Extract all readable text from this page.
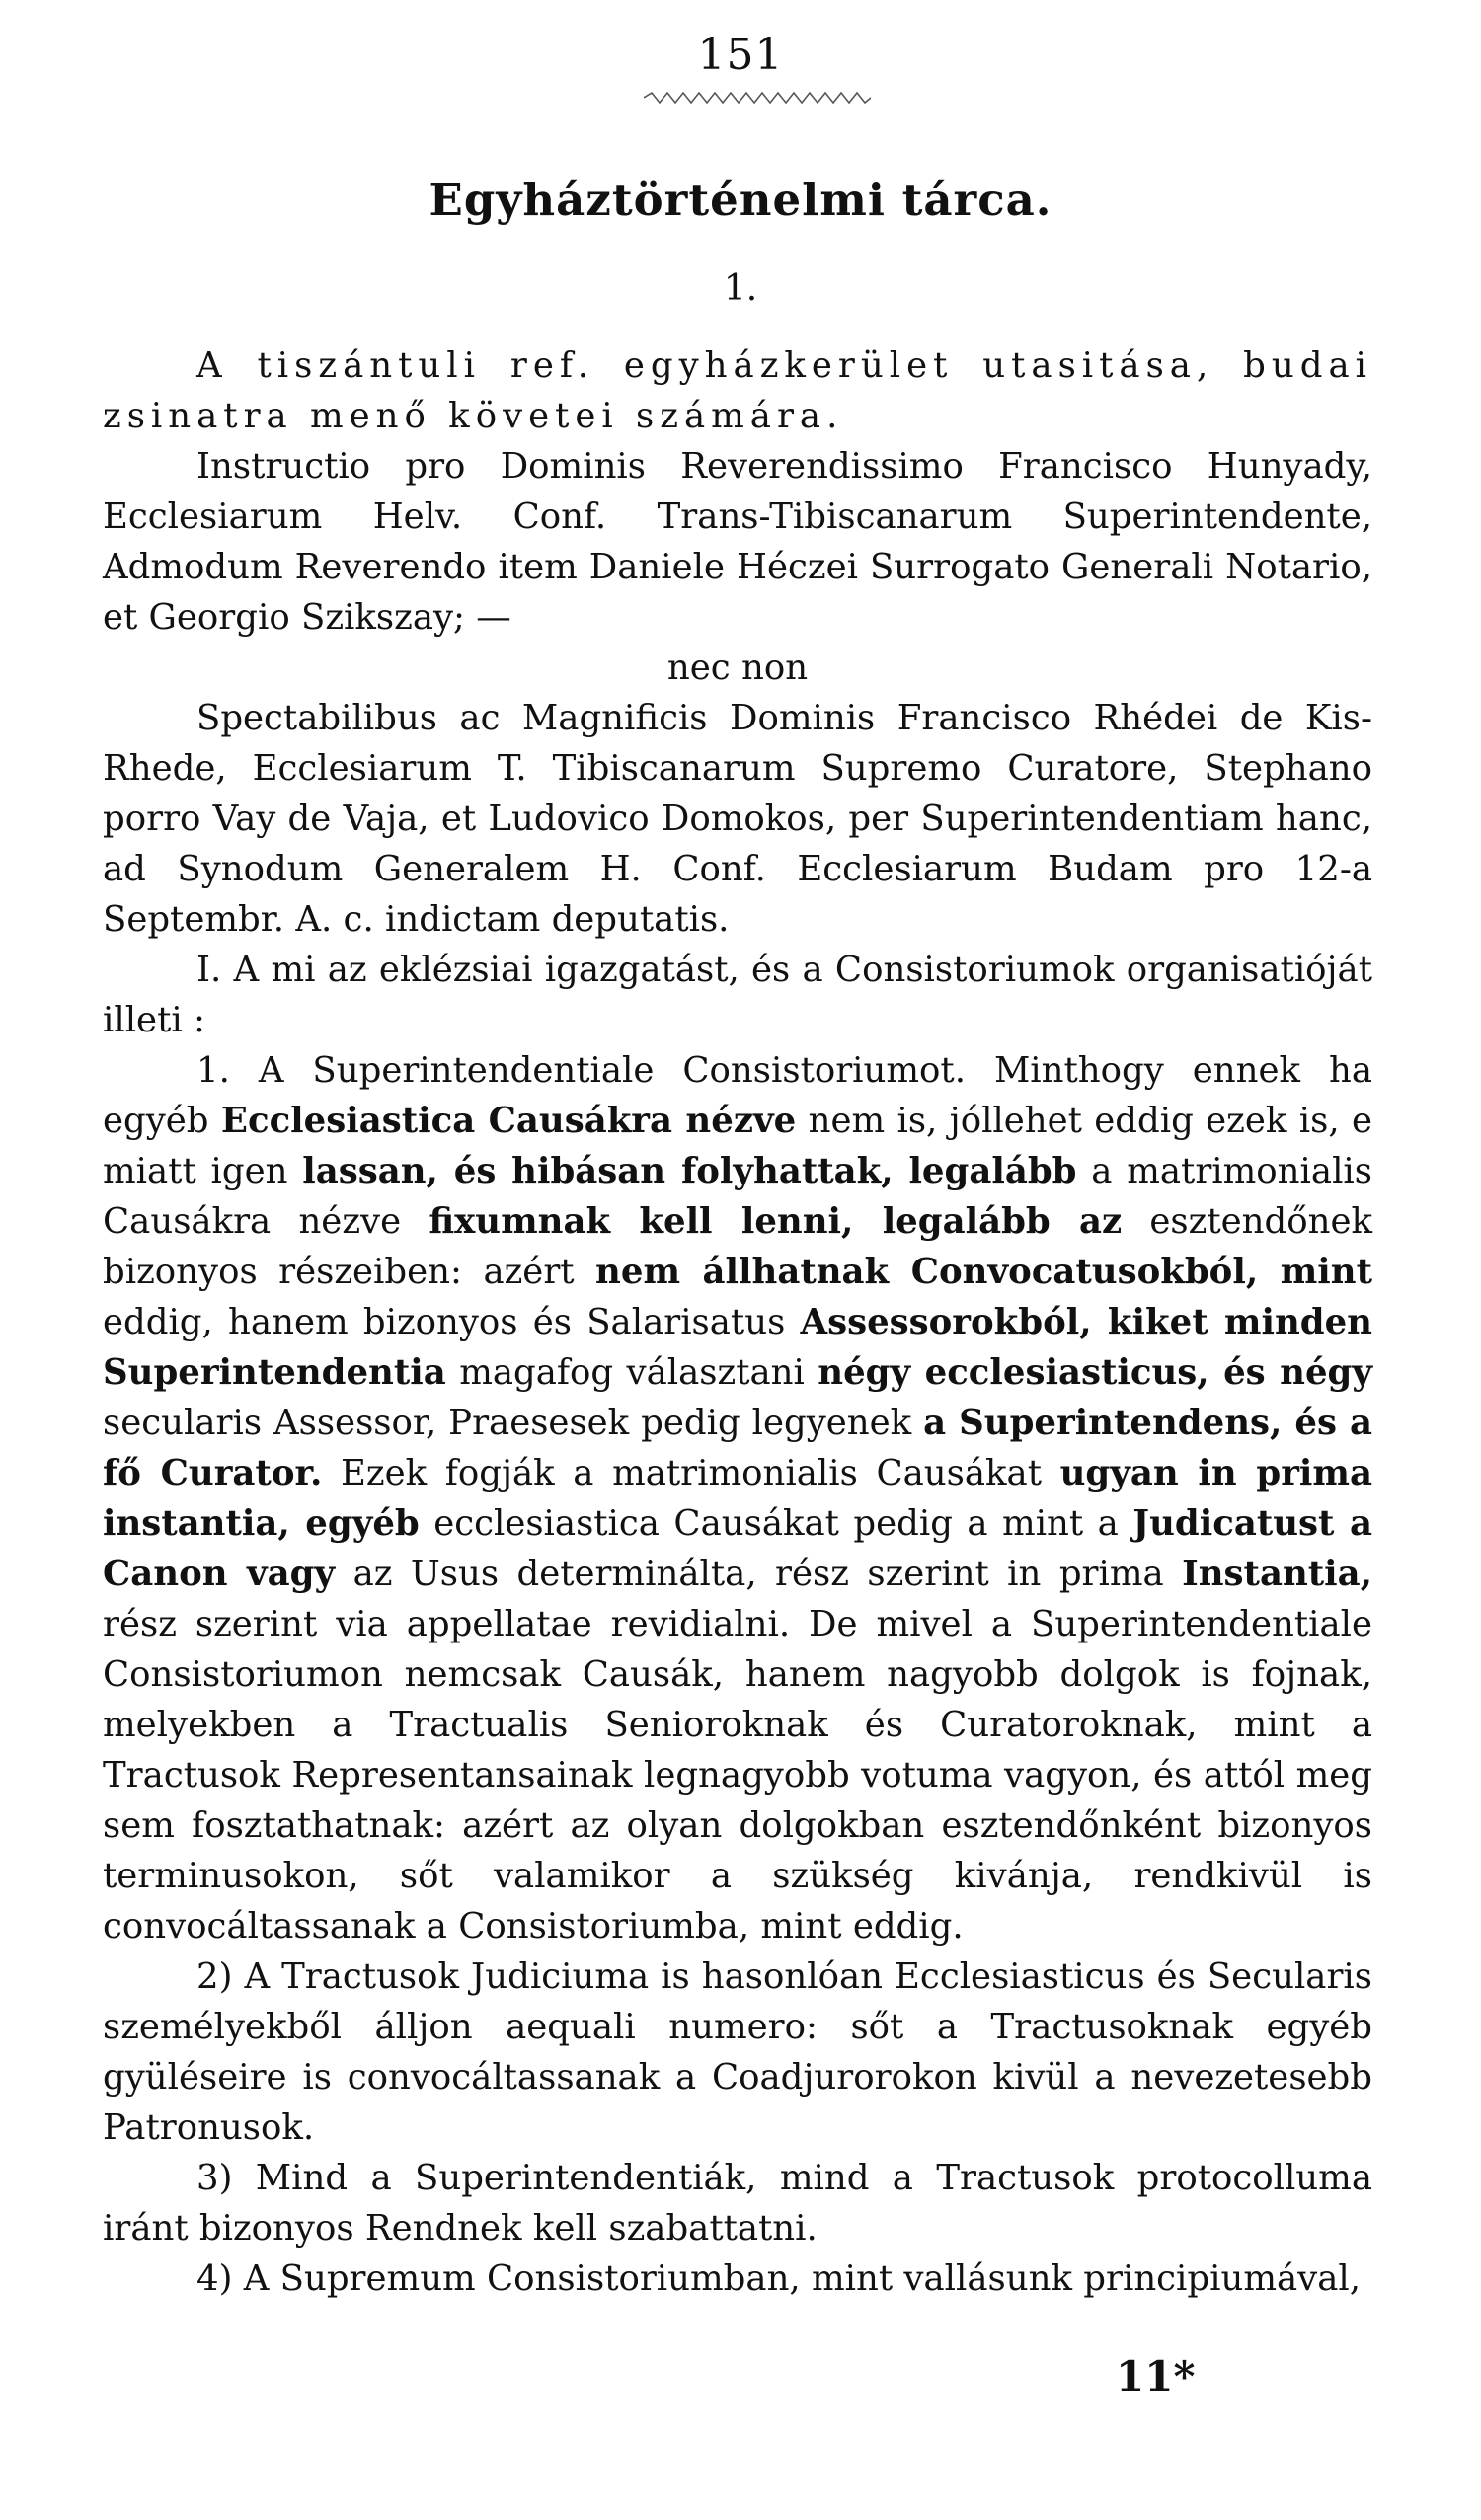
151
Egyháztörténelmi tárca.
1.

A tiszántuli ref. egyházkerület utasitása, budai zsinatra menő követei számára.

Instructio pro Dominis Reverendissimo Francisco Hunyady, Ecclesiarum Helv. Conf. Trans-Tibiscanarum Superintendente, Admodum Reverendo item Daniele Héczei Surrogato Generali Notario, et Georgio Szikszay; —

nec non

Spectabilibus ac Magnificis Dominis Francisco Rhédei de Kis-Rhede, Ecclesiarum T. Tibiscanarum Supremo Curatore, Stephano porro Vay de Vaja, et Ludovico Domokos, per Superintendentiam hanc, ad Synodum Generalem H. Conf. Ecclesiarum Budam pro 12-a Septembr. A. c. indictam deputatis.

I. A mi az eklézsiai igazgatást, és a Consistoriumok organisatióját illeti :

1. A Superintendentiale Consistoriumot. Minthogy ennek ha egyéb Ecclesiastica Causákra nézve nem is, jóllehet eddig ezek is, e miatt igen lassan, és hibásan folyhattak, legalább a matrimonialis Causákra nézve fixumnak kell lenni, legalább az esztendőnek bizonyos részeiben: azért nem állhatnak Convocatusokból, mint eddig, hanem bizonyos és Salarisatus Assessorokból, kiket minden Superintendentia magafog választani négy ecclesiasticus, és négy secularis Assessor, Praesesek pedig legyenek a Superintendens, és a fő Curator. Ezek fogják a matrimonialis Causákat ugyan in prima instantia, egyéb ecclesiastica Causákat pedig a mint a Judicatust a Canon vagy az Usus determinálta, rész szerint in prima Instantia, rész szerint via appellatae revidialni. De mivel a Superintendentiale Consistoriumon nemcsak Causák, hanem nagyobb dolgok is fojnak, melyekben a Tractualis Senioroknak és Curatoroknak, mint a Tractusok Representansainak legnagyobb votuma vagyon, és attól meg sem fosztathatnak: azért az olyan dolgokban esztendőnként bizonyos terminusokon, sőt valamikor a szükség kivánja, rendkivül is convocáltassanak a Consistoriumba, mint eddig.

2) A Tractusok Judiciuma is hasonlóan Ecclesiasticus és Secularis személyekből álljon aequali numero: sőt a Tractusoknak egyéb gyüléseire is convocáltassanak a Coadjurorokon kivül a nevezetesebb Patronusok.

3) Mind a Superintendentiák, mind a Tractusok protocolluma iránt bizonyos Rendnek kell szabattatni.

4) A Supremum Consistoriumban, mint vallásunk principiumával,

11*
